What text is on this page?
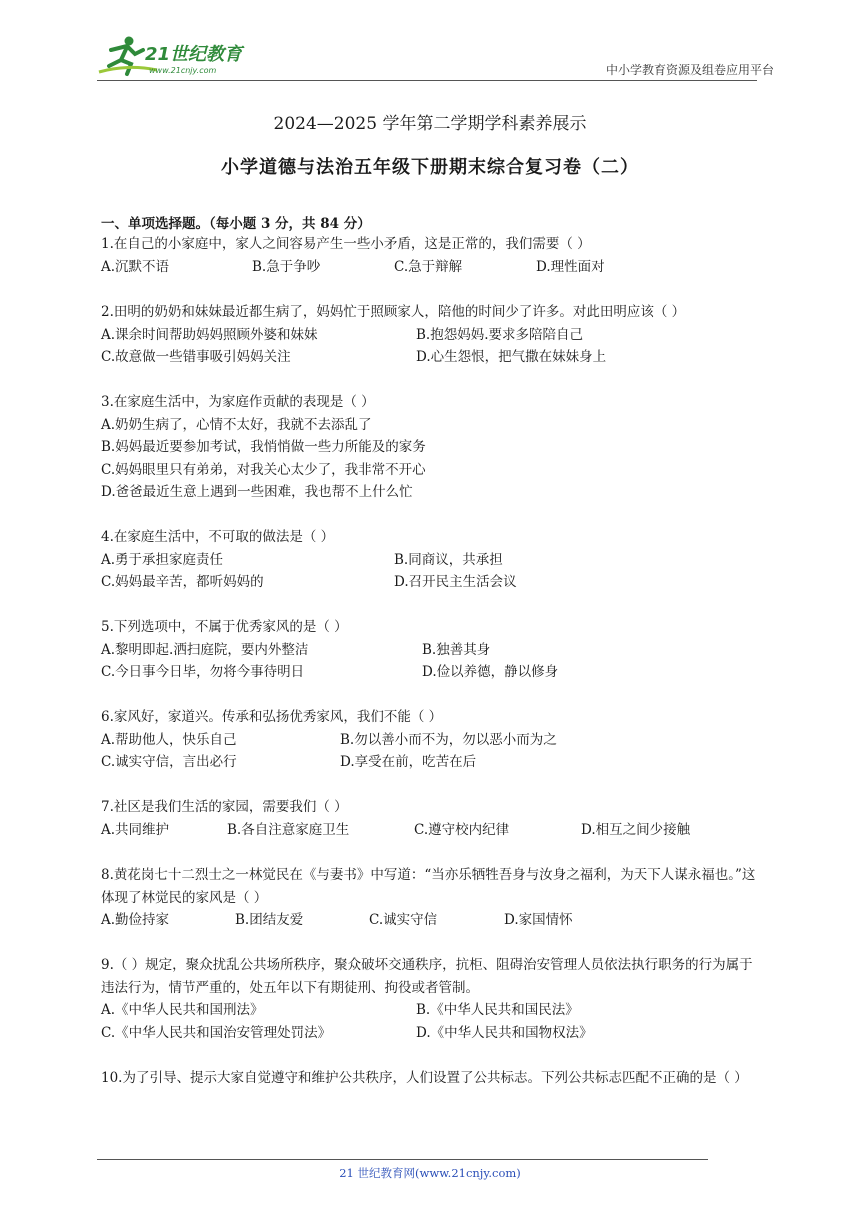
21世纪教育
www.21cnjy.com	中小学教育资源及组卷应用平台
2024—2025 学年第二学期学科素养展示
小学道德与法治五年级下册期末综合复习卷（二）
一、单项选择题。（每小题 3 分，共 84 分）
1.在自己的小家庭中，家人之间容易产生一些小矛盾，这是正常的，我们需要（ ）
A.沉默不语	B.急于争吵	C.急于辩解	D.理性面对
2.田明的奶奶和妹妹最近都生病了，妈妈忙于照顾家人，陪他的时间少了许多。对此田明应该（ ）
A.课余时间帮助妈妈照顾外婆和妹妹	B.抱怨妈妈.要求多陪陪自己
C.故意做一些错事吸引妈妈关注	D.心生怨恨，把气撒在妹妹身上
3.在家庭生活中，为家庭作贡献的表现是（ ）
A.奶奶生病了，心情不太好，我就不去添乱了
B.妈妈最近要参加考试，我悄悄做一些力所能及的家务
C.妈妈眼里只有弟弟，对我关心太少了，我非常不开心
D.爸爸最近生意上遇到一些困难，我也帮不上什么忙
4.在家庭生活中，不可取的做法是（ ）
A.勇于承担家庭责任	B.同商议，共承担
C.妈妈最辛苦，都听妈妈的	D.召开民主生活会议
5.下列选项中，不属于优秀家风的是（ ）
A.黎明即起.洒扫庭院，要内外整洁	B.独善其身
C.今日事今日毕，勿将今事待明日	D.俭以养德，静以修身
6.家风好，家道兴。传承和弘扬优秀家风，我们不能（ ）
A.帮助他人，快乐自己	B.勿以善小而不为，勿以恶小而为之
C.诚实守信，言出必行	D.享受在前，吃苦在后
7.社区是我们生活的家园，需要我们（ ）
A.共同维护	B.各自注意家庭卫生	C.遵守校内纪律	D.相互之间少接触
8.黄花岗七十二烈士之一林觉民在《与妻书》中写道：“当亦乐牺牲吾身与汝身之福利，为天下人谋永福也。”这体现了林觉民的家风是（ ）
A.勤俭持家	B.团结友爱	C.诚实守信	D.家国情怀
9.（ ）规定，聚众扰乱公共场所秩序，聚众破坏交通秩序，抗柜、阻碍治安管理人员依法执行职务的行为属于违法行为，情节严重的，处五年以下有期徒刑、拘役或者管制。
A.《中华人民共和国刑法》	B.《中华人民共和国民法》
C.《中华人民共和国治安管理处罚法》	D.《中华人民共和国物权法》
10.为了引导、提示大家自觉遵守和维护公共秩序，人们设置了公共标志。下列公共标志匹配不正确的是（ ）
21 世纪教育网(www.21cnjy.com)
